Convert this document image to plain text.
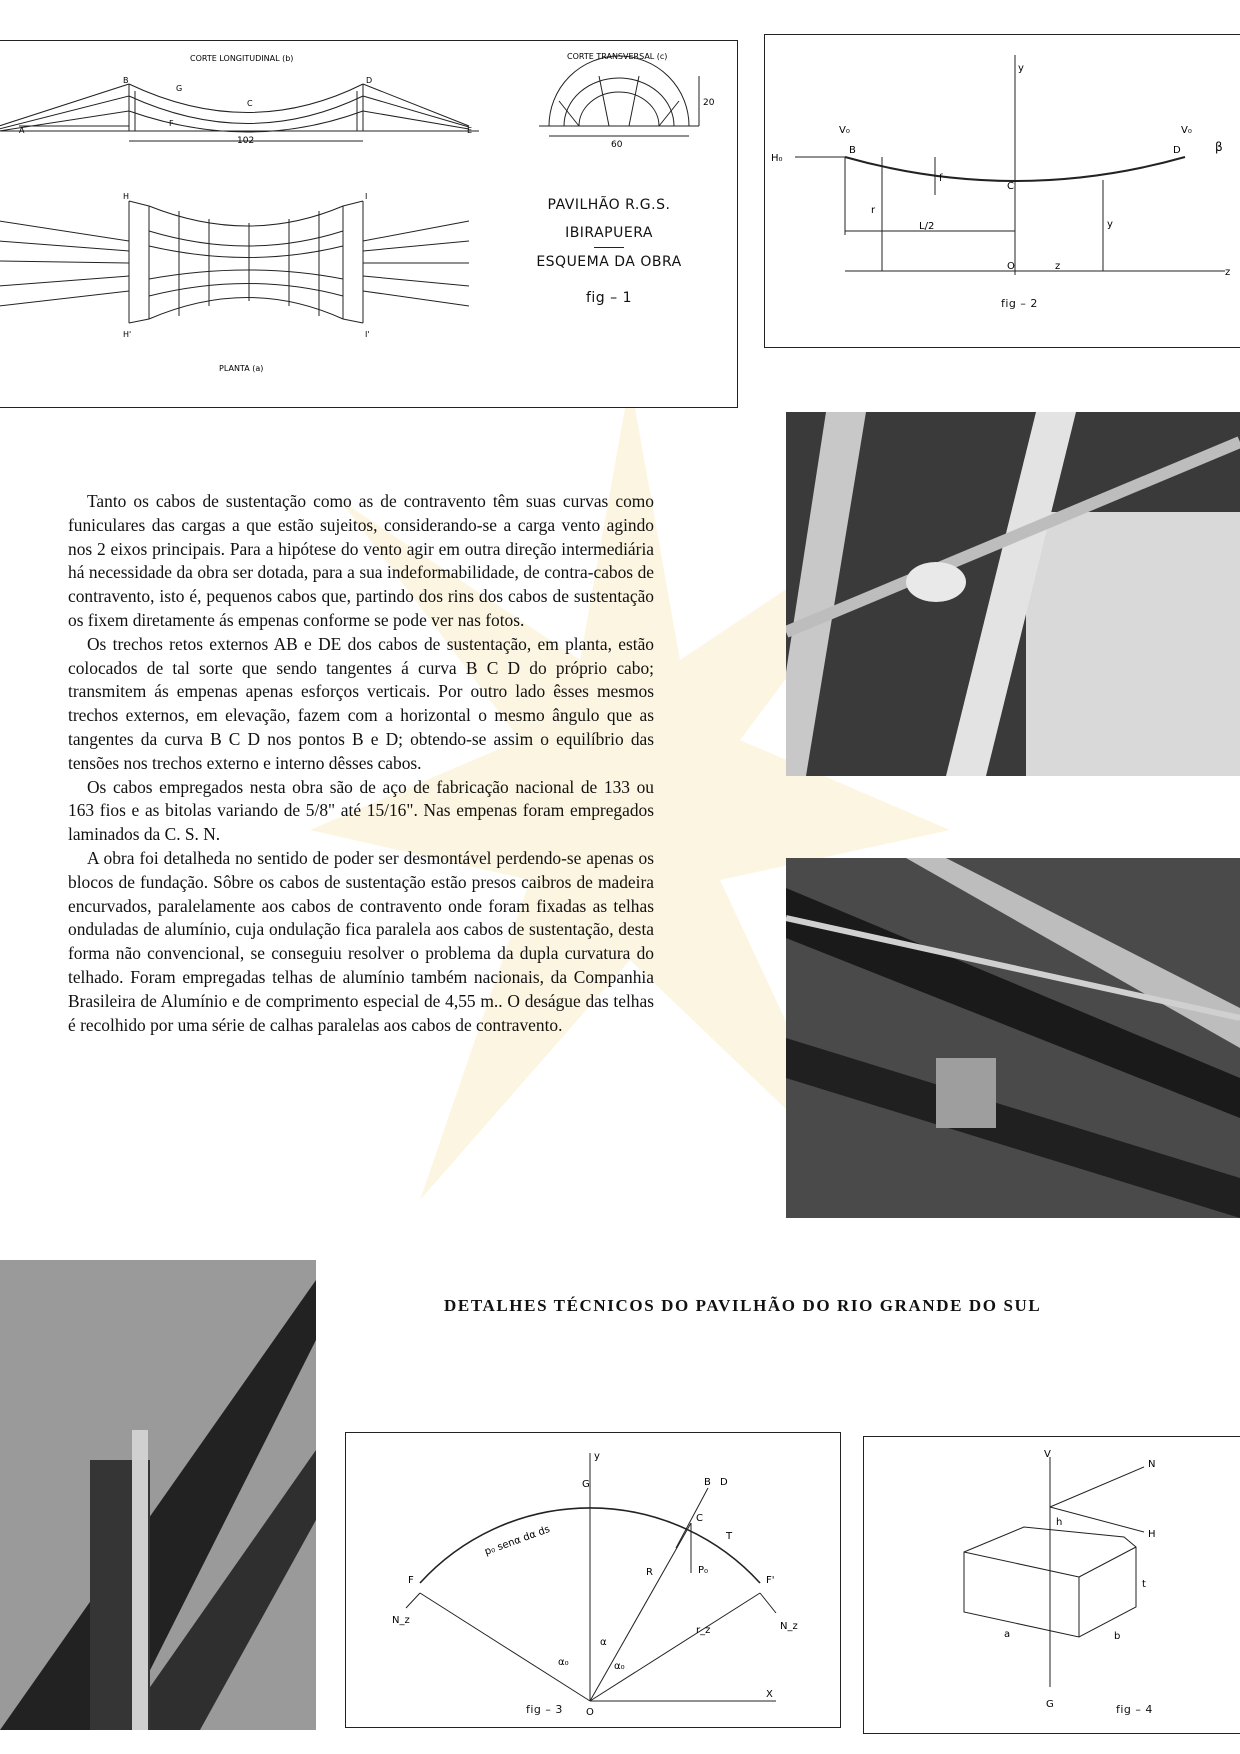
CORTE LONGITUDINAL (b)
102
B	D
C
G
A	E
F
CORTE TRANSVERSAL (c)
60
20
H	I
H'	I'
PLANTA (a)
PAVILHÃO R.G.S.
IBIRAPUERA
ESQUEMA DA OBRA
fig – 1
y
z
O
B
C
D
V₀	V₀
H₀
β
f
r
L/2	y
z
fig – 2

Tanto os cabos de sustentação como as de contravento têm suas curvas como funiculares das cargas a que estão sujeitos, considerando-se a carga vento agindo nos 2 eixos principais. Para a hipótese do vento agir em outra direção intermediária há necessidade da obra ser dotada, para a sua indeformabilidade, de contra-cabos de contravento, isto é, pequenos cabos que, partindo dos rins dos cabos de sustentação os fixem diretamente ás empenas conforme se pode ver nas fotos.

Os trechos retos externos AB e DE dos cabos de sustentação, em planta, estão colocados de tal sorte que sendo tangentes á curva B C D do próprio cabo; transmitem ás empenas apenas esforços verticais. Por outro lado êsses mesmos trechos externos, em elevação, fazem com a horizontal o mesmo ângulo que as tangentes da curva B C D nos pontos B e D; obtendo-se assim o equilíbrio das tensões nos trechos externo e interno dêsses cabos.

Os cabos empregados nesta obra são de aço de fabricação nacional de 133 ou 163 fios e as bitolas variando de 5/8" até 15/16". Nas empenas foram empregados laminados da C. S. N.

A obra foi detalheda no sentido de poder ser desmontável perdendo-se apenas os blocos de fundação. Sôbre os cabos de sustentação estão presos caibros de madeira encurvados, paralelamente aos cabos de contravento onde foram fixadas as telhas onduladas de alumínio, cuja ondulação fica paralela aos cabos de sustentação, desta forma não convencional, se conseguiu resolver o problema da dupla curvatura do telhado. Foram empregadas telhas de alumínio também nacionais, da Companhia Brasileira de Alumínio e de comprimento especial de 4,55 m.. O deságue das telhas é recolhido por uma série de calhas paralelas aos cabos de contravento.

DETALHES TÉCNICOS DO PAVILHÃO DO RIO GRANDE DO SUL
y
X
O
G
C
T
B D
F	F'
R	P₀
r_z
N_z
N_z
α
α₀	α₀
p₀ senα dα ds
fig – 3
V
N
H
h
t
a	b
G	fig – 4
